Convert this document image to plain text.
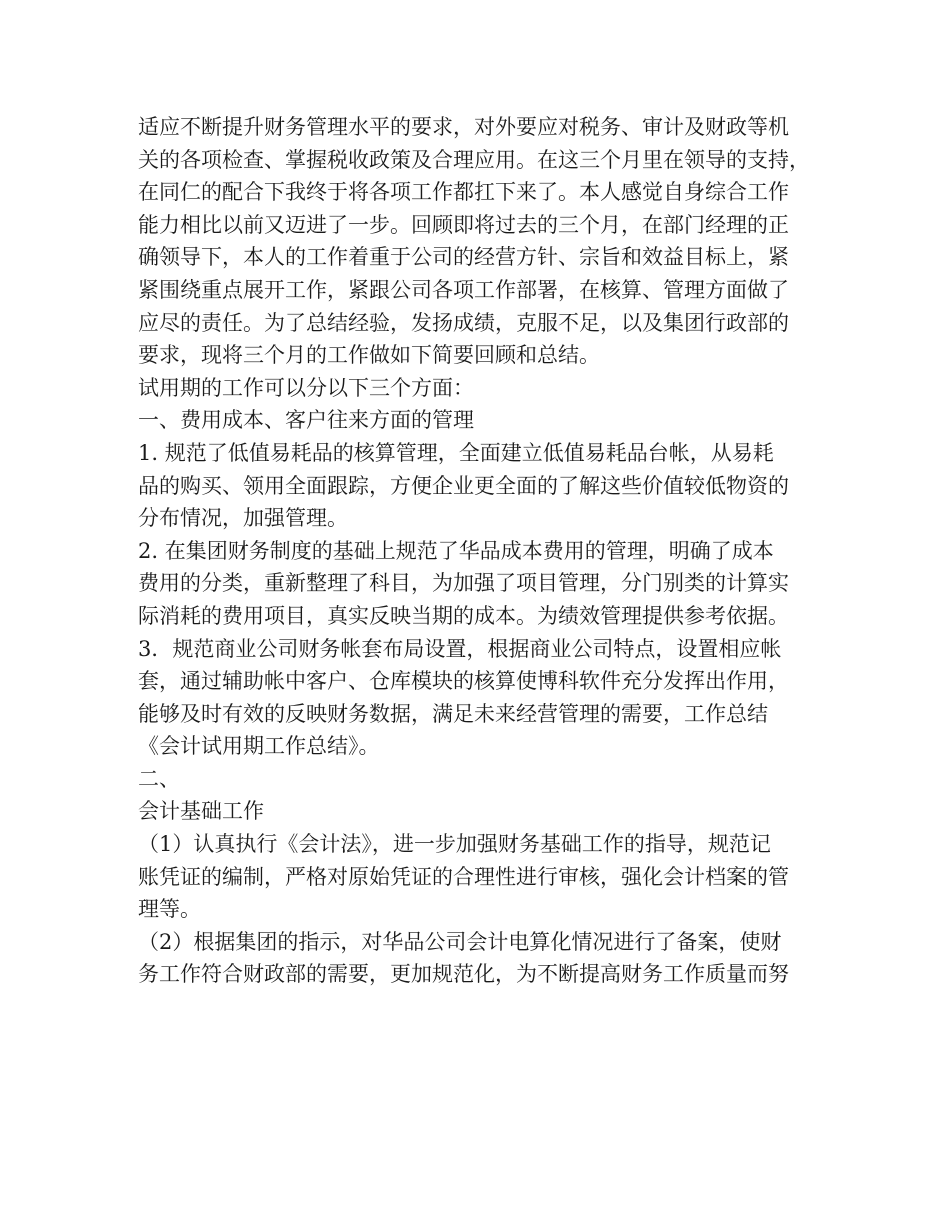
适应不断提升财务管理水平的要求，对外要应对税务、审计及财政等机
关的各项检查、掌握税收政策及合理应用。在这三个月里在领导的支持，
在同仁的配合下我终于将各项工作都扛下来了。本人感觉自身综合工作
能力相比以前又迈进了一步。回顾即将过去的三个月，在部门经理的正
确领导下，本人的工作着重于公司的经营方针、宗旨和效益目标上，紧
紧围绕重点展开工作，紧跟公司各项工作部署，在核算、管理方面做了
应尽的责任。为了总结经验，发扬成绩，克服不足，以及集团行政部的
要求，现将三个月的工作做如下简要回顾和总结。
试用期的工作可以分以下三个方面：
一、费用成本、客户往来方面的管理
1. 规范了低值易耗品的核算管理，全面建立低值易耗品台帐，从易耗
品的购买、领用全面跟踪，方便企业更全面的了解这些价值较低物资的
分布情况，加强管理。
2. 在集团财务制度的基础上规范了华品成本费用的管理，明确了成本
费用的分类，重新整理了科目，为加强了项目管理，分门别类的计算实
际消耗的费用项目，真实反映当期的成本。为绩效管理提供参考依据。
3．规范商业公司财务帐套布局设置，根据商业公司特点，设置相应帐
套，通过辅助帐中客户、仓库模块的核算使博科软件充分发挥出作用，
能够及时有效的反映财务数据，满足未来经营管理的需要，工作总结
《会计试用期工作总结》。
二、
会计基础工作
（1）认真执行《会计法》，进一步加强财务基础工作的指导，规范记
账凭证的编制，严格对原始凭证的合理性进行审核，强化会计档案的管
理等。
（2）根据集团的指示，对华品公司会计电算化情况进行了备案，使财
务工作符合财政部的需要，更加规范化，为不断提高财务工作质量而努
